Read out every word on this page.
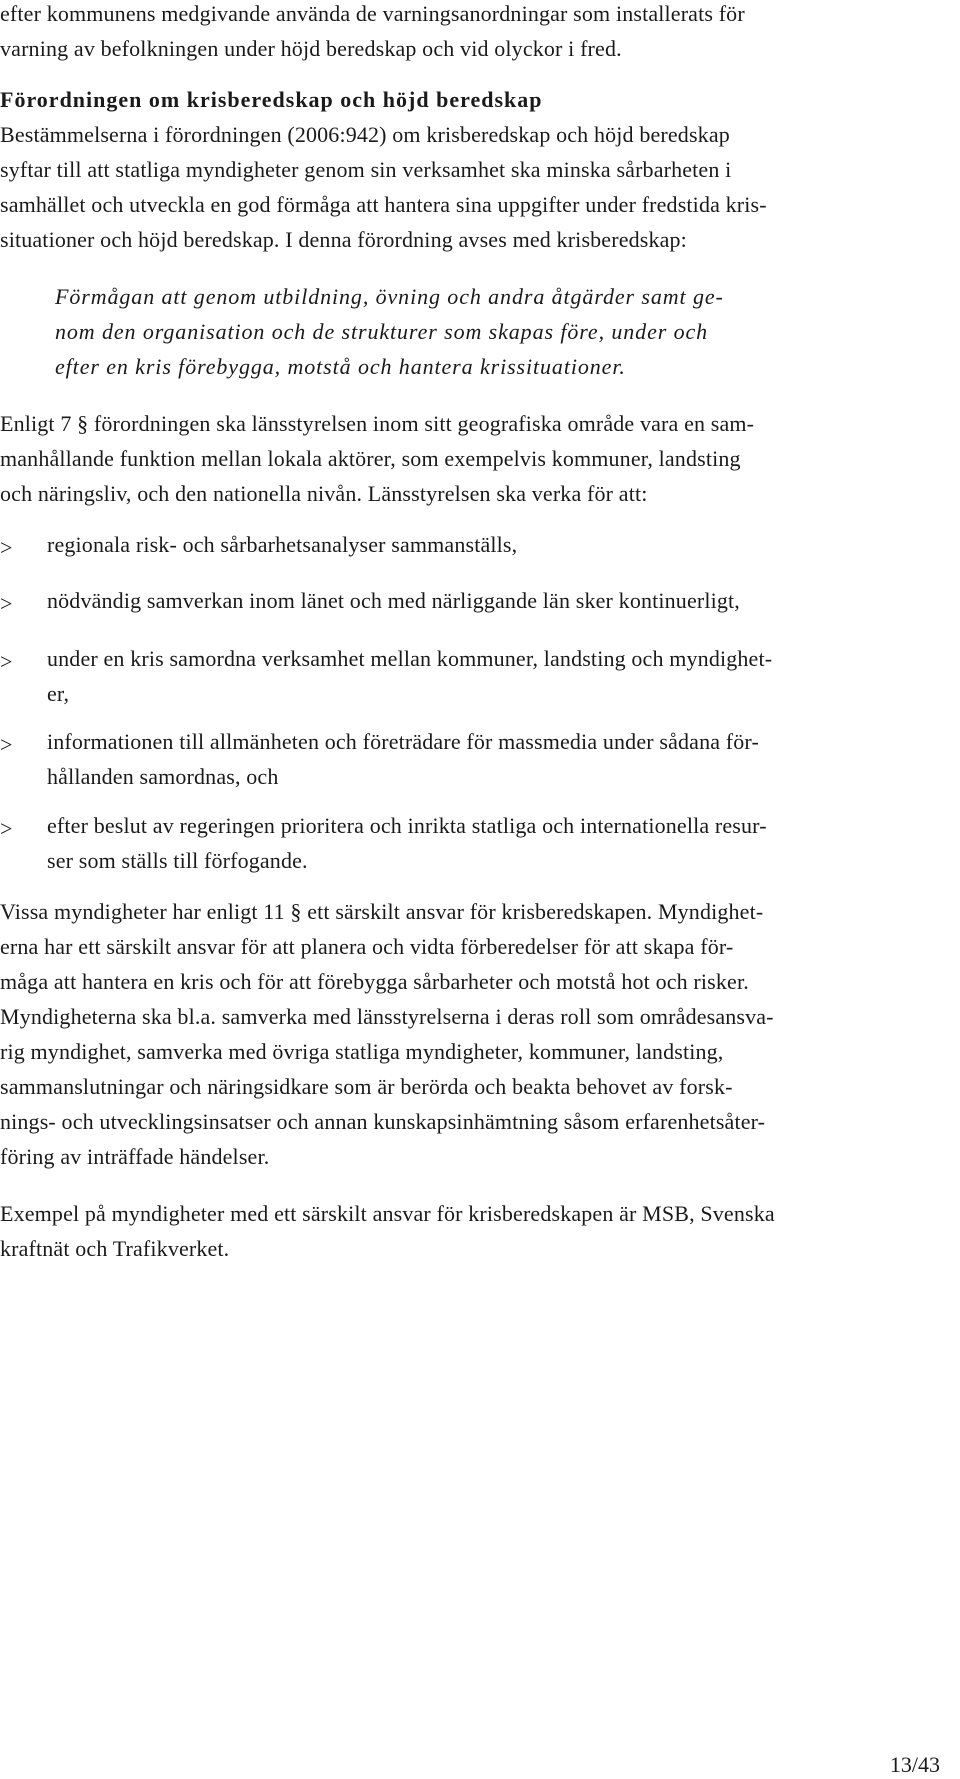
efter kommunens medgivande använda de varningsanordningar som installerats för

varning av befolkningen under höjd beredskap och vid olyckor i fred.

Förordningen om krisberedskap och höjd beredskap

Bestämmelserna i förordningen (2006:942) om krisberedskap och höjd beredskap

syftar till att statliga myndigheter genom sin verksamhet ska minska sårbarheten i

samhället och utveckla en god förmåga att hantera sina uppgifter under fredstida kris-

situationer och höjd beredskap. I denna förordning avses med krisberedskap:

Förmågan att genom utbildning, övning och andra åtgärder samt ge-

nom den organisation och de strukturer som skapas före, under och

efter en kris förebygga, motstå och hantera krissituationer.

Enligt 7 § förordningen ska länsstyrelsen inom sitt geografiska område vara en sam-

manhållande funktion mellan lokala aktörer, som exempelvis kommuner, landsting

och näringsliv, och den nationella nivån. Länsstyrelsen ska verka för att:

> regionala risk- och sårbarhetsanalyser sammanställs,

> nödvändig samverkan inom länet och med närliggande län sker kontinuerligt,

> under en kris samordna verksamhet mellan kommuner, landsting och myndighet-

er,

> informationen till allmänheten och företrädare för massmedia under sådana för-

hållanden samordnas, och

> efter beslut av regeringen prioritera och inrikta statliga och internationella resur-

ser som ställs till förfogande.

Vissa myndigheter har enligt 11 § ett särskilt ansvar för krisberedskapen. Myndighet-

erna har ett särskilt ansvar för att planera och vidta förberedelser för att skapa för-

måga att hantera en kris och för att förebygga sårbarheter och motstå hot och risker.

Myndigheterna ska bl.a. samverka med länsstyrelserna i deras roll som områdesansva-

rig myndighet, samverka med övriga statliga myndigheter, kommuner, landsting,

sammanslutningar och näringsidkare som är berörda och beakta behovet av forsk-

nings- och utvecklingsinsatser och annan kunskapsinhämtning såsom erfarenhetsåter-

föring av inträffade händelser.

Exempel på myndigheter med ett särskilt ansvar för krisberedskapen är MSB, Svenska

kraftnät och Trafikverket.

13/43
